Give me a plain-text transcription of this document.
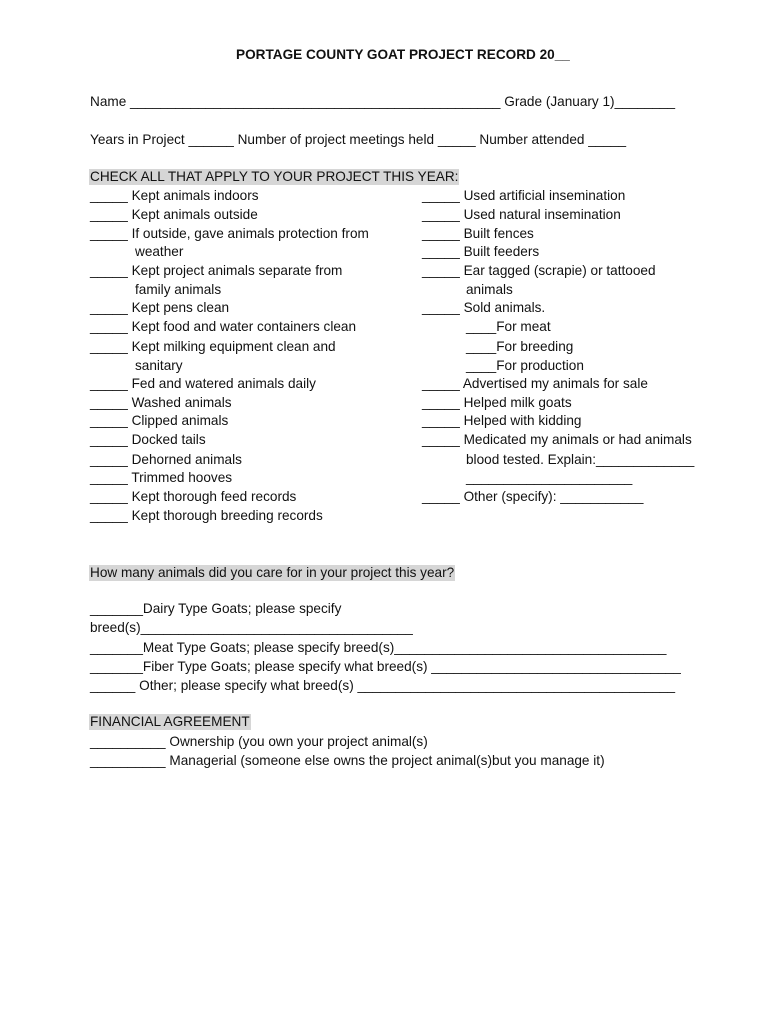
PORTAGE COUNTY GOAT PROJECT RECORD 20__
Name _________________________________________________ Grade (January 1)________
Years in Project ______ Number of project meetings held _____ Number attended _____
CHECK ALL THAT APPLY TO YOUR PROJECT THIS YEAR:
_____ Kept animals indoors
_____ Kept animals outside
_____ If outside, gave animals protection from
weather
_____ Kept project animals separate from
family animals
_____ Kept pens clean
_____ Kept food and water containers clean
_____ Kept milking equipment clean and
sanitary
_____ Fed and watered animals daily
_____ Washed animals
_____ Clipped animals
_____ Docked tails
_____ Dehorned animals
_____ Trimmed hooves
_____ Kept thorough feed records
_____ Kept thorough breeding records
_____ Used artificial insemination
_____ Used natural insemination
_____ Built fences
_____ Built feeders
_____ Ear tagged (scrapie) or tattooed
animals
_____ Sold animals.
____For meat
____For breeding
____For production
_____ Advertised my animals for sale
_____ Helped milk goats
_____ Helped with kidding
_____ Medicated my animals or had animals
blood tested. Explain:_____________
______________________
_____ Other (specify): ___________
How many animals did you care for in your project this year?
_______Dairy Type Goats; please specify
breed(s)____________________________________
_______Meat Type Goats; please specify breed(s)____________________________________
_______Fiber Type Goats; please specify what breed(s) _________________________________
______ Other; please specify what breed(s) __________________________________________
FINANCIAL AGREEMENT
__________ Ownership (you own your project animal(s)
__________ Managerial (someone else owns the project animal(s)but you manage it)
